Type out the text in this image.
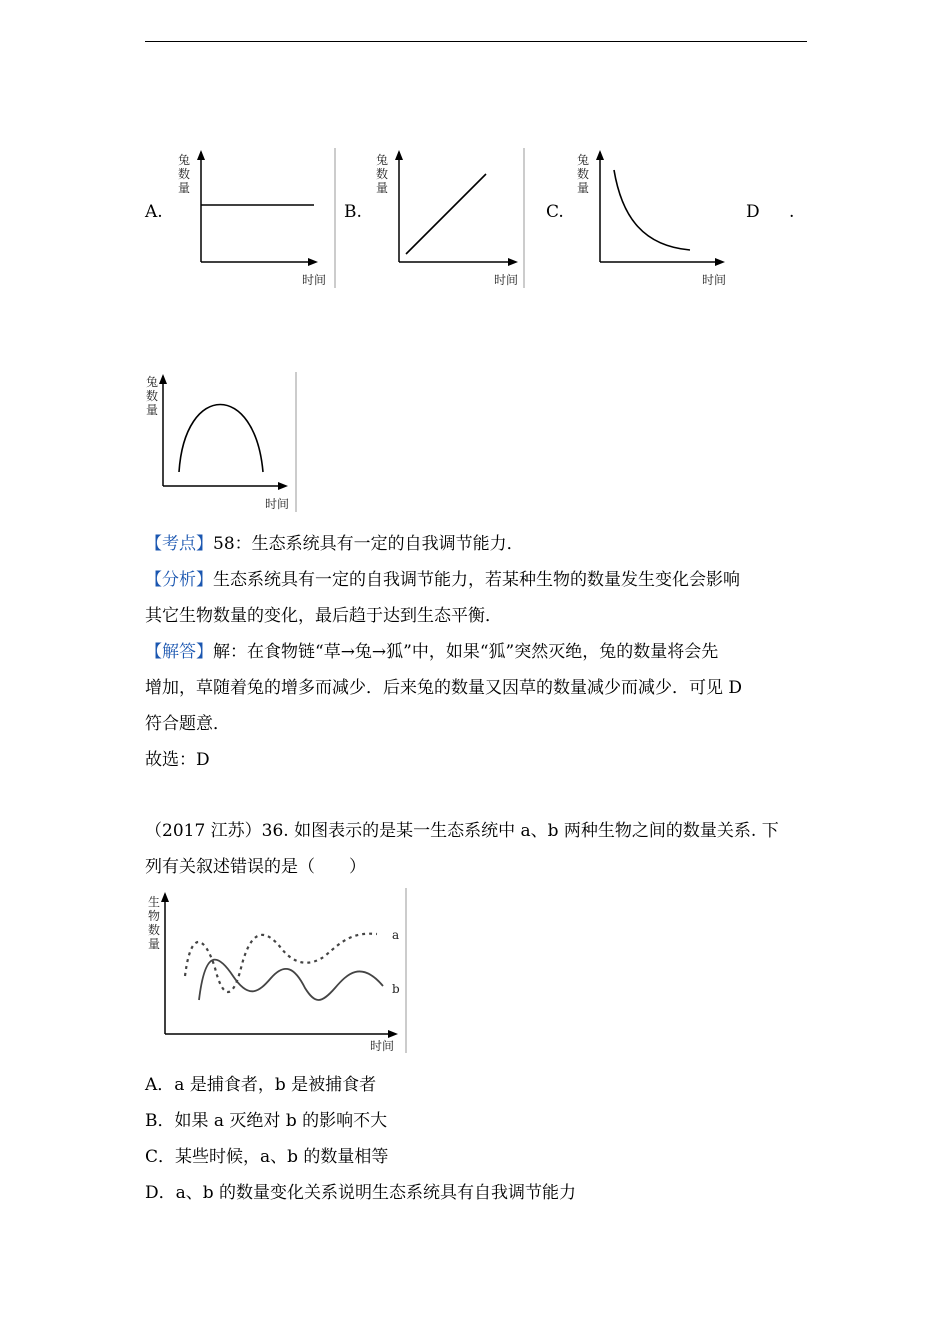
A.	B.	C.	D .
兔
数
量
时间
兔
数
量
时间
兔
数
量
时间
兔
数
量
时间
【考点】58：生态系统具有一定的自我调节能力．
【分析】生态系统具有一定的自我调节能力，若某种生物的数量发生变化会影响
其它生物数量的变化，最后趋于达到生态平衡．
【解答】解：在食物链“草→兔→狐”中，如果“狐”突然灭绝，兔的数量将会先
增加，草随着兔的增多而减少．后来兔的数量又因草的数量减少而减少．可见 D
符合题意．
故选：D
（2017 江苏）36. 如图表示的是某一生态系统中 a、b 两种生物之间的数量关系. 下
列有关叙述错误的是（　　）
生
物
数
量
时间
a
b
A．a 是捕食者，b 是被捕食者
B．如果 a 灭绝对 b 的影响不大
C．某些时候，a、b 的数量相等
D．a、b 的数量变化关系说明生态系统具有自我调节能力
